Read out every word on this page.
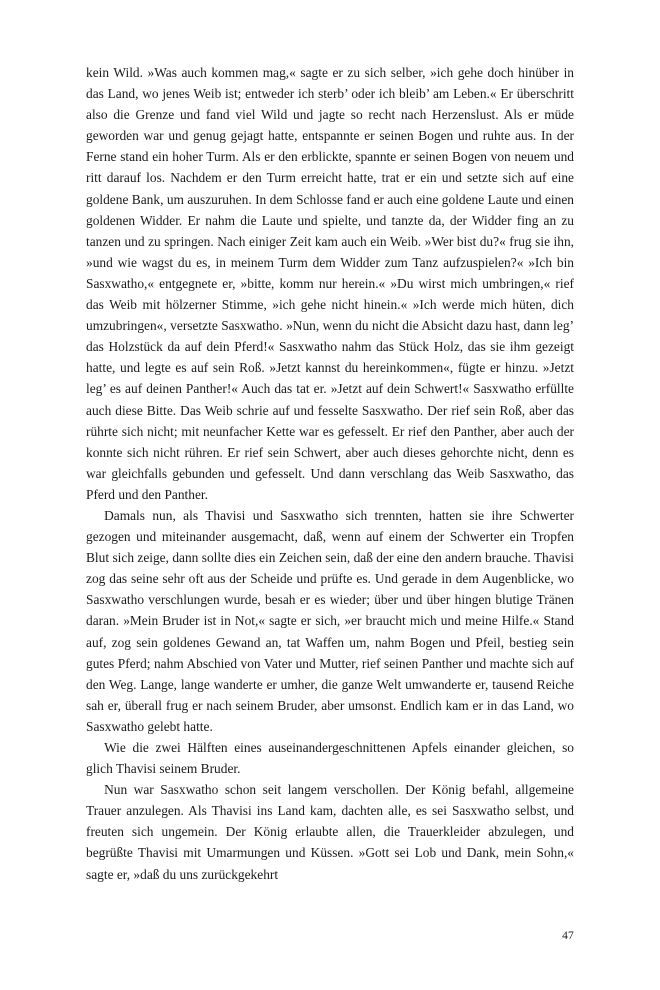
kein Wild. »Was auch kommen mag,« sagte er zu sich selber, »ich gehe doch hinüber in das Land, wo jenes Weib ist; entweder ich sterb’ oder ich bleib’ am Leben.« Er überschritt also die Grenze und fand viel Wild und jagte so recht nach Herzenslust. Als er müde geworden war und genug gejagt hatte, entspannte er seinen Bogen und ruhte aus. In der Ferne stand ein hoher Turm. Als er den erblickte, spannte er seinen Bogen von neuem und ritt darauf los. Nachdem er den Turm erreicht hatte, trat er ein und setzte sich auf eine goldene Bank, um auszuruhen. In dem Schlosse fand er auch eine goldene Laute und einen goldenen Widder. Er nahm die Laute und spielte, und tanzte da, der Widder fing an zu tanzen und zu springen. Nach einiger Zeit kam auch ein Weib. »Wer bist du?« frug sie ihn, »und wie wagst du es, in meinem Turm dem Widder zum Tanz aufzuspielen?« »Ich bin Sasxwatho,« entgegnete er, »bitte, komm nur herein.« »Du wirst mich umbringen,« rief das Weib mit hölzerner Stimme, »ich gehe nicht hinein.« »Ich werde mich hüten, dich umzubringen«, versetzte Sasxwatho. »Nun, wenn du nicht die Absicht dazu hast, dann leg’ das Holzstück da auf dein Pferd!« Sasxwatho nahm das Stück Holz, das sie ihm gezeigt hatte, und legte es auf sein Roß. »Jetzt kannst du hereinkommen«, fügte er hinzu. »Jetzt leg’ es auf deinen Panther!« Auch das tat er. »Jetzt auf dein Schwert!« Sasxwatho erfüllte auch diese Bitte. Das Weib schrie auf und fesselte Sasxwatho. Der rief sein Roß, aber das rührte sich nicht; mit neunfacher Kette war es gefesselt. Er rief den Panther, aber auch der konnte sich nicht rühren. Er rief sein Schwert, aber auch dieses gehorchte nicht, denn es war gleichfalls gebunden und gefesselt. Und dann verschlang das Weib Sasxwatho, das Pferd und den Panther.

Damals nun, als Thavisi und Sasxwatho sich trennten, hatten sie ihre Schwerter gezogen und miteinander ausgemacht, daß, wenn auf einem der Schwerter ein Tropfen Blut sich zeige, dann sollte dies ein Zeichen sein, daß der eine den andern brauche. Thavisi zog das seine sehr oft aus der Scheide und prüfte es. Und gerade in dem Augenblicke, wo Sasxwatho verschlungen wurde, besah er es wieder; über und über hingen blutige Tränen daran. »Mein Bruder ist in Not,« sagte er sich, »er braucht mich und meine Hilfe.« Stand auf, zog sein goldenes Gewand an, tat Waffen um, nahm Bogen und Pfeil, bestieg sein gutes Pferd; nahm Abschied von Vater und Mutter, rief seinen Panther und machte sich auf den Weg. Lange, lange wanderte er umher, die ganze Welt umwanderte er, tausend Reiche sah er, überall frug er nach seinem Bruder, aber umsonst. Endlich kam er in das Land, wo Sasxwatho gelebt hatte.

Wie die zwei Hälften eines auseinandergeschnittenen Apfels einander gleichen, so glich Thavisi seinem Bruder.

Nun war Sasxwatho schon seit langem verschollen. Der König befahl, allgemeine Trauer anzulegen. Als Thavisi ins Land kam, dachten alle, es sei Sasxwatho selbst, und freuten sich ungemein. Der König erlaubte allen, die Trauerkleider abzulegen, und begrüßte Thavisi mit Umarmungen und Küssen. »Gott sei Lob und Dank, mein Sohn,« sagte er, »daß du uns zurückgekehrt

47
